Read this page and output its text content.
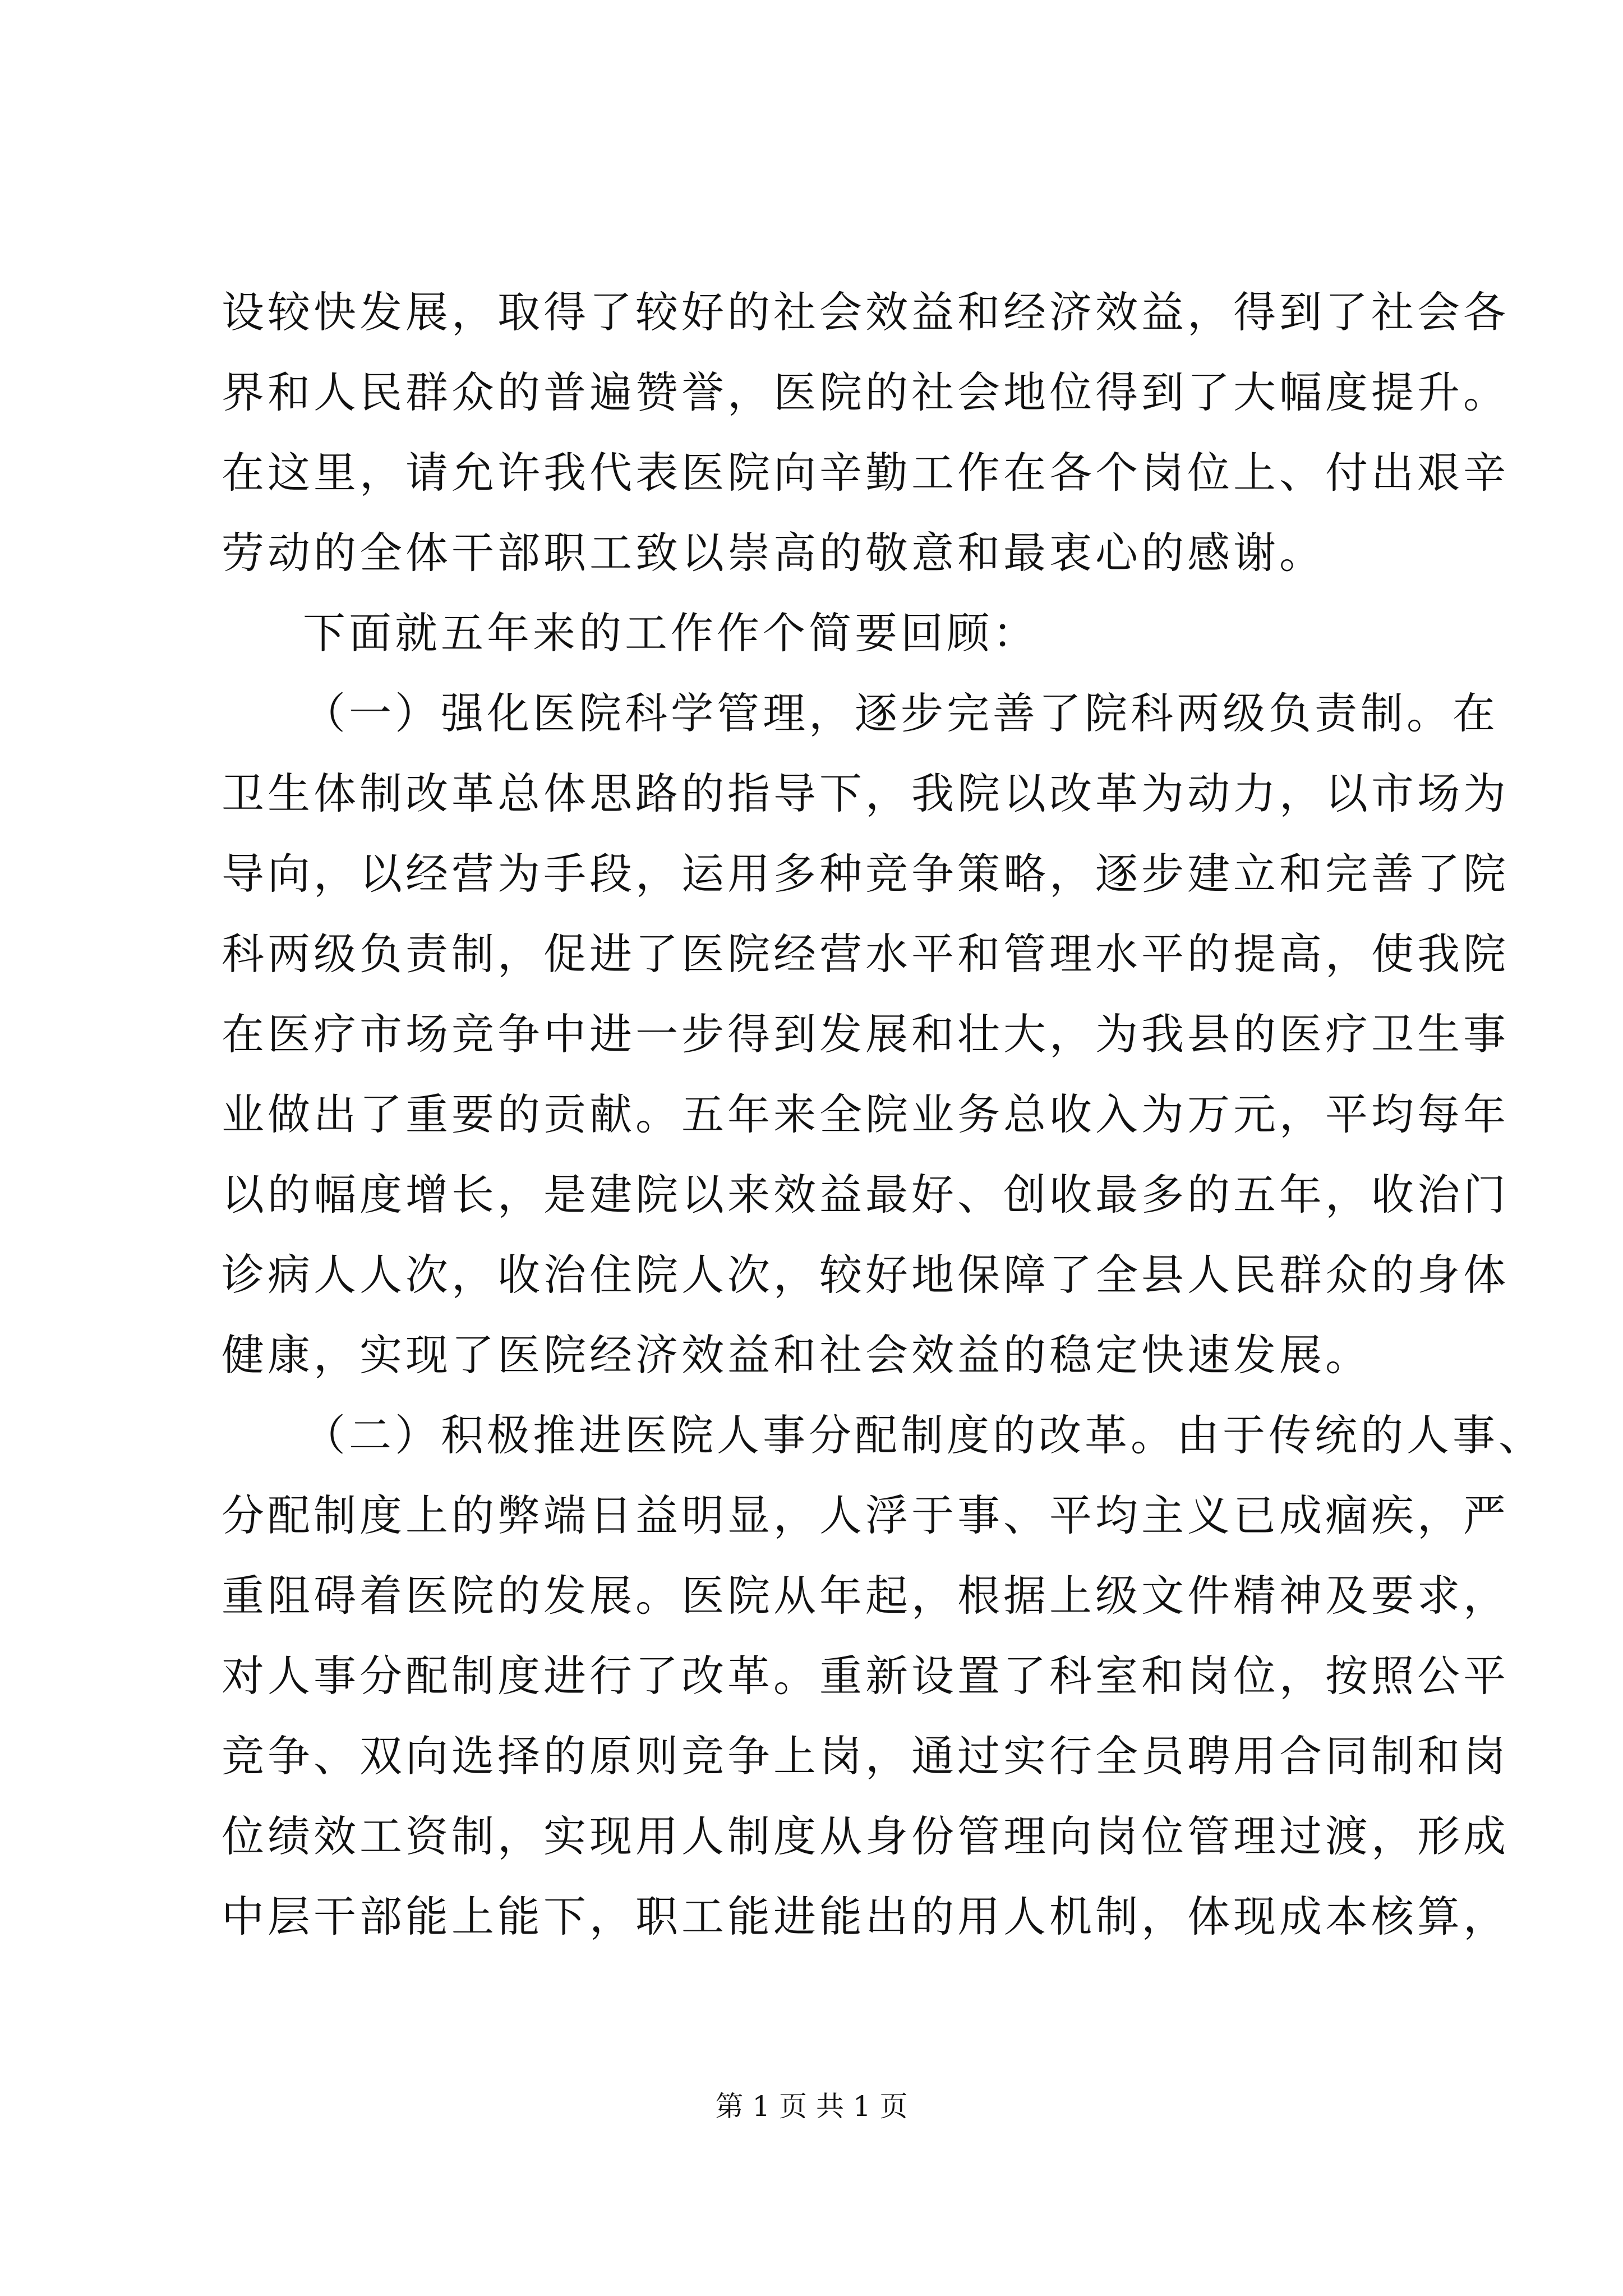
设较快发展，取得了较好的社会效益和经济效益，得到了社会各
界和人民群众的普遍赞誉，医院的社会地位得到了大幅度提升。
在这里，请允许我代表医院向辛勤工作在各个岗位上、付出艰辛
劳动的全体干部职工致以崇高的敬意和最衷心的感谢。
下面就五年来的工作作个简要回顾：
（一）强化医院科学管理，逐步完善了院科两级负责制。在
卫生体制改革总体思路的指导下，我院以改革为动力，以市场为
导向，以经营为手段，运用多种竞争策略，逐步建立和完善了院
科两级负责制，促进了医院经营水平和管理水平的提高，使我院
在医疗市场竞争中进一步得到发展和壮大，为我县的医疗卫生事
业做出了重要的贡献。五年来全院业务总收入为万元，平均每年
以的幅度增长，是建院以来效益最好、创收最多的五年，收治门
诊病人人次，收治住院人次，较好地保障了全县人民群众的身体
健康，实现了医院经济效益和社会效益的稳定快速发展。
（二）积极推进医院人事分配制度的改革。由于传统的人事、
分配制度上的弊端日益明显，人浮于事、平均主义已成痼疾，严
重阻碍着医院的发展。医院从年起，根据上级文件精神及要求，
对人事分配制度进行了改革。重新设置了科室和岗位，按照公平
竞争、双向选择的原则竞争上岗，通过实行全员聘用合同制和岗
位绩效工资制，实现用人制度从身份管理向岗位管理过渡，形成
中层干部能上能下，职工能进能出的用人机制，体现成本核算，
第 1 页 共 1 页
